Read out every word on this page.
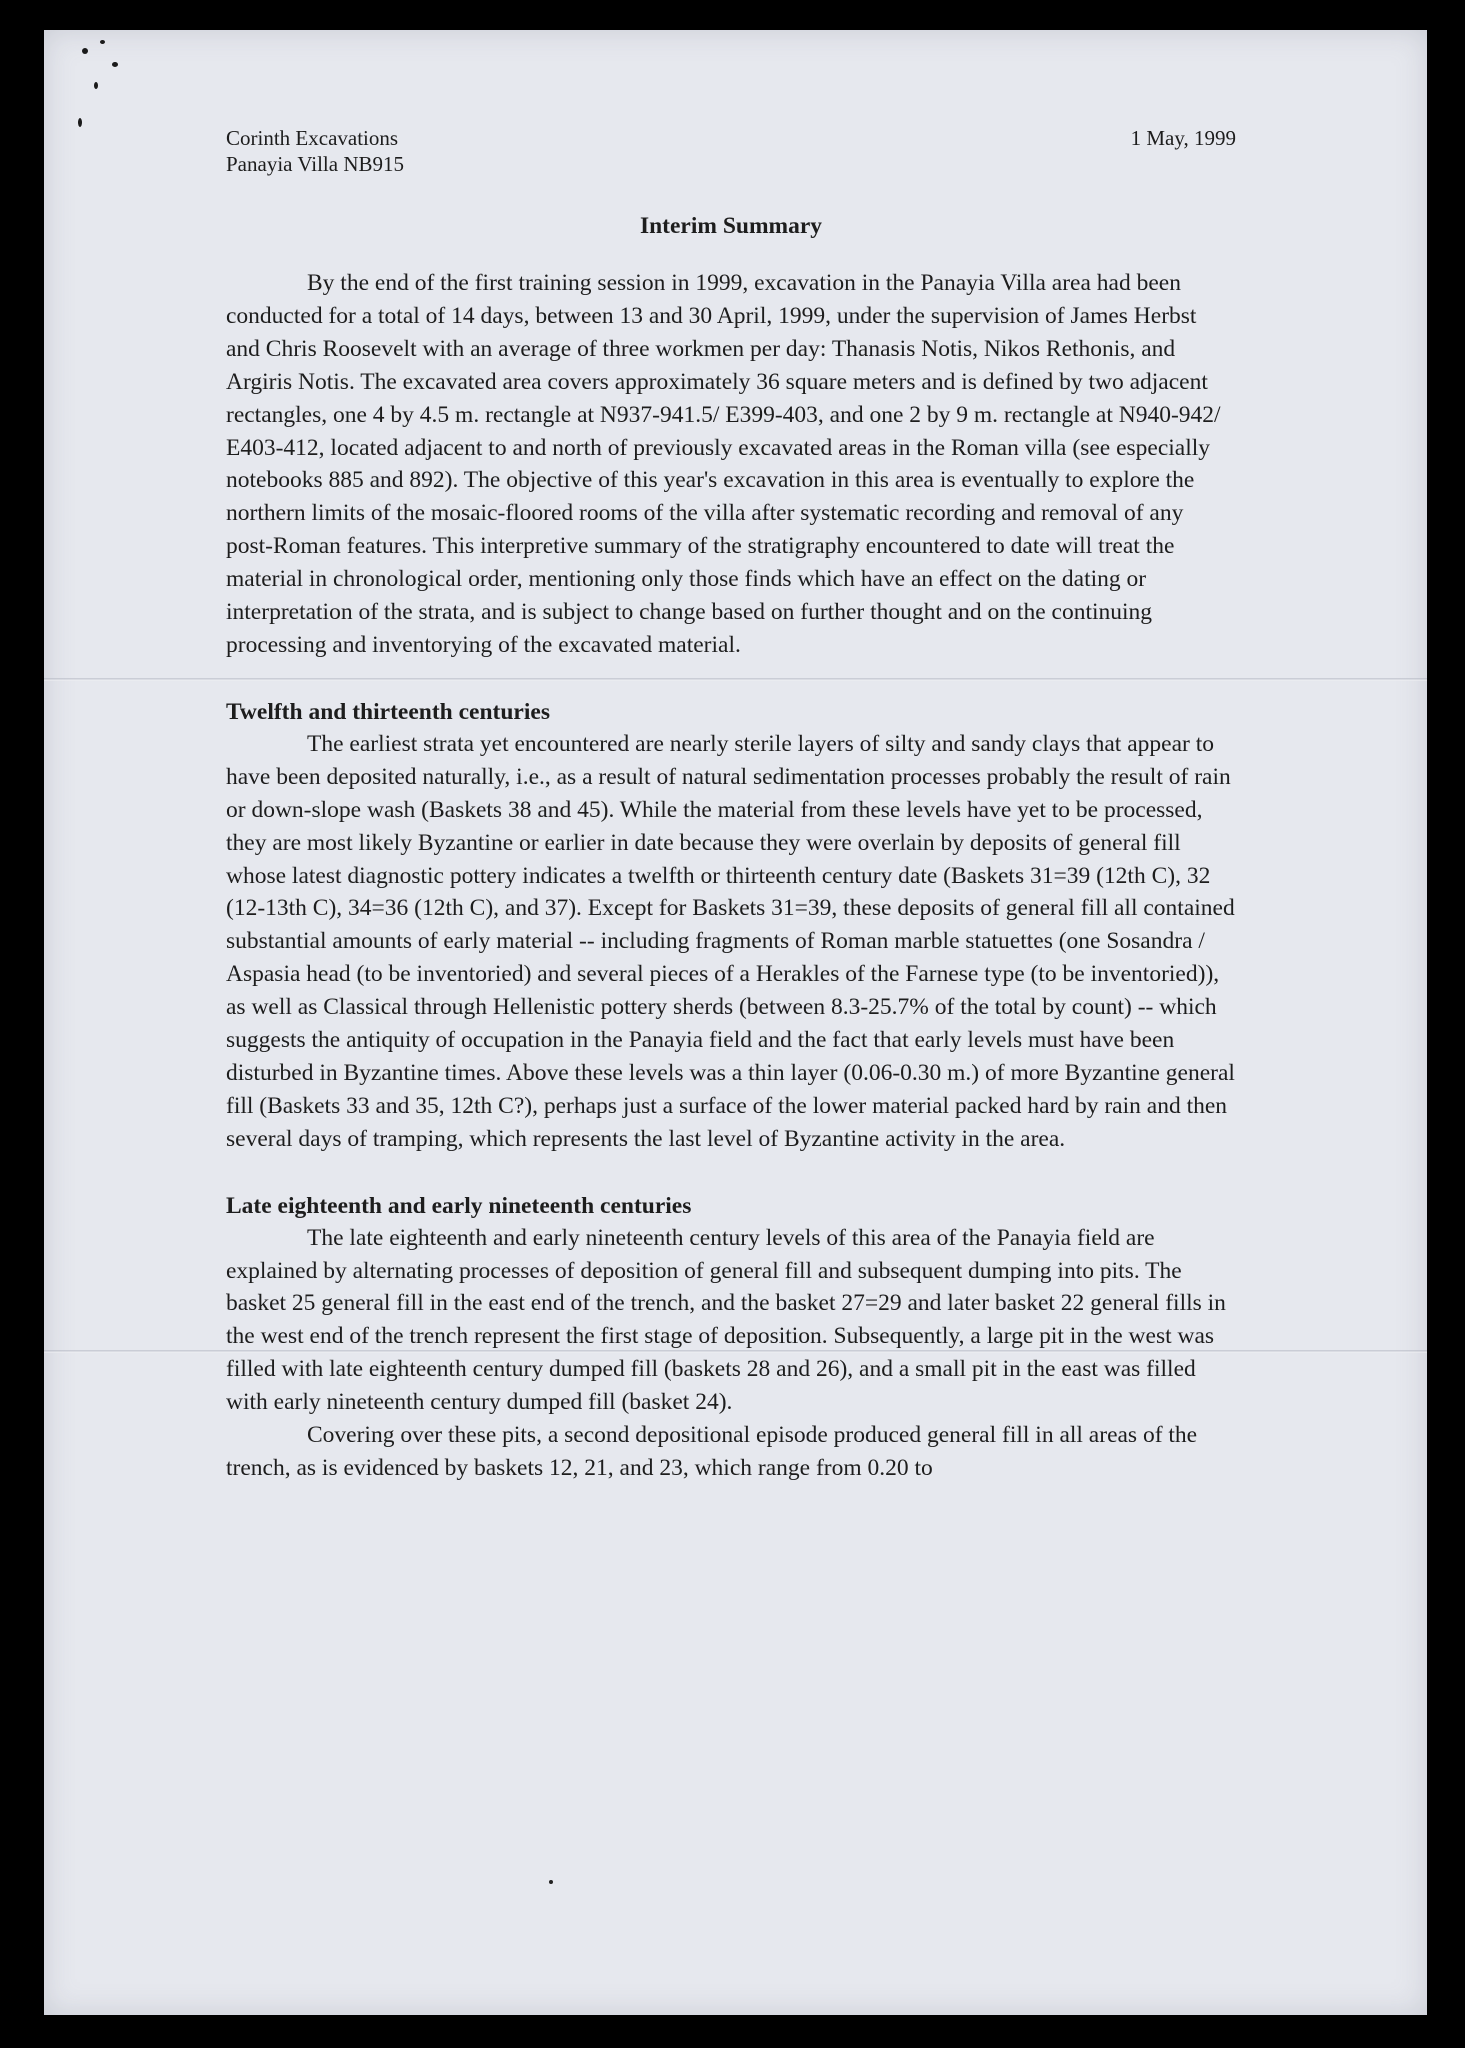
Corinth Excavations

Panayia Villa NB915

1 May, 1999

Interim Summary

By the end of the first training session in 1999, excavation in the Panayia Villa area had been conducted for a total of 14 days, between 13 and 30 April, 1999, under the supervision of James Herbst and Chris Roosevelt with an average of three workmen per day: Thanasis Notis, Nikos Rethonis, and Argiris Notis. The excavated area covers approximately 36 square meters and is defined by two adjacent rectangles, one 4 by 4.5 m. rectangle at N937-941.5/ E399-403, and one 2 by 9 m. rectangle at N940-942/ E403-412, located adjacent to and north of previously excavated areas in the Roman villa (see especially notebooks 885 and 892). The objective of this year's excavation in this area is eventually to explore the northern limits of the mosaic-floored rooms of the villa after systematic recording and removal of any post-Roman features. This interpretive summary of the stratigraphy encountered to date will treat the material in chronological order, mentioning only those finds which have an effect on the dating or interpretation of the strata, and is subject to change based on further thought and on the continuing processing and inventorying of the excavated material.

Twelfth and thirteenth centuries

The earliest strata yet encountered are nearly sterile layers of silty and sandy clays that appear to have been deposited naturally, i.e., as a result of natural sedimentation processes probably the result of rain or down-slope wash (Baskets 38 and 45). While the material from these levels have yet to be processed, they are most likely Byzantine or earlier in date because they were overlain by deposits of general fill whose latest diagnostic pottery indicates a twelfth or thirteenth century date (Baskets 31=39 (12th C), 32 (12-13th C), 34=36 (12th C), and 37). Except for Baskets 31=39, these deposits of general fill all contained substantial amounts of early material -- including fragments of Roman marble statuettes (one Sosandra / Aspasia head (to be inventoried) and several pieces of a Herakles of the Farnese type (to be inventoried)), as well as Classical through Hellenistic pottery sherds (between 8.3-25.7% of the total by count) -- which suggests the antiquity of occupation in the Panayia field and the fact that early levels must have been disturbed in Byzantine times. Above these levels was a thin layer (0.06-0.30 m.) of more Byzantine general fill (Baskets 33 and 35, 12th C?), perhaps just a surface of the lower material packed hard by rain and then several days of tramping, which represents the last level of Byzantine activity in the area.

Late eighteenth and early nineteenth centuries

The late eighteenth and early nineteenth century levels of this area of the Panayia field are explained by alternating processes of deposition of general fill and subsequent dumping into pits. The basket 25 general fill in the east end of the trench, and the basket 27=29 and later basket 22 general fills in the west end of the trench represent the first stage of deposition. Subsequently, a large pit in the west was filled with late eighteenth century dumped fill (baskets 28 and 26), and a small pit in the east was filled with early nineteenth century dumped fill (basket 24).

Covering over these pits, a second depositional episode produced general fill in all areas of the trench, as is evidenced by baskets 12, 21, and 23, which range from 0.20 to
